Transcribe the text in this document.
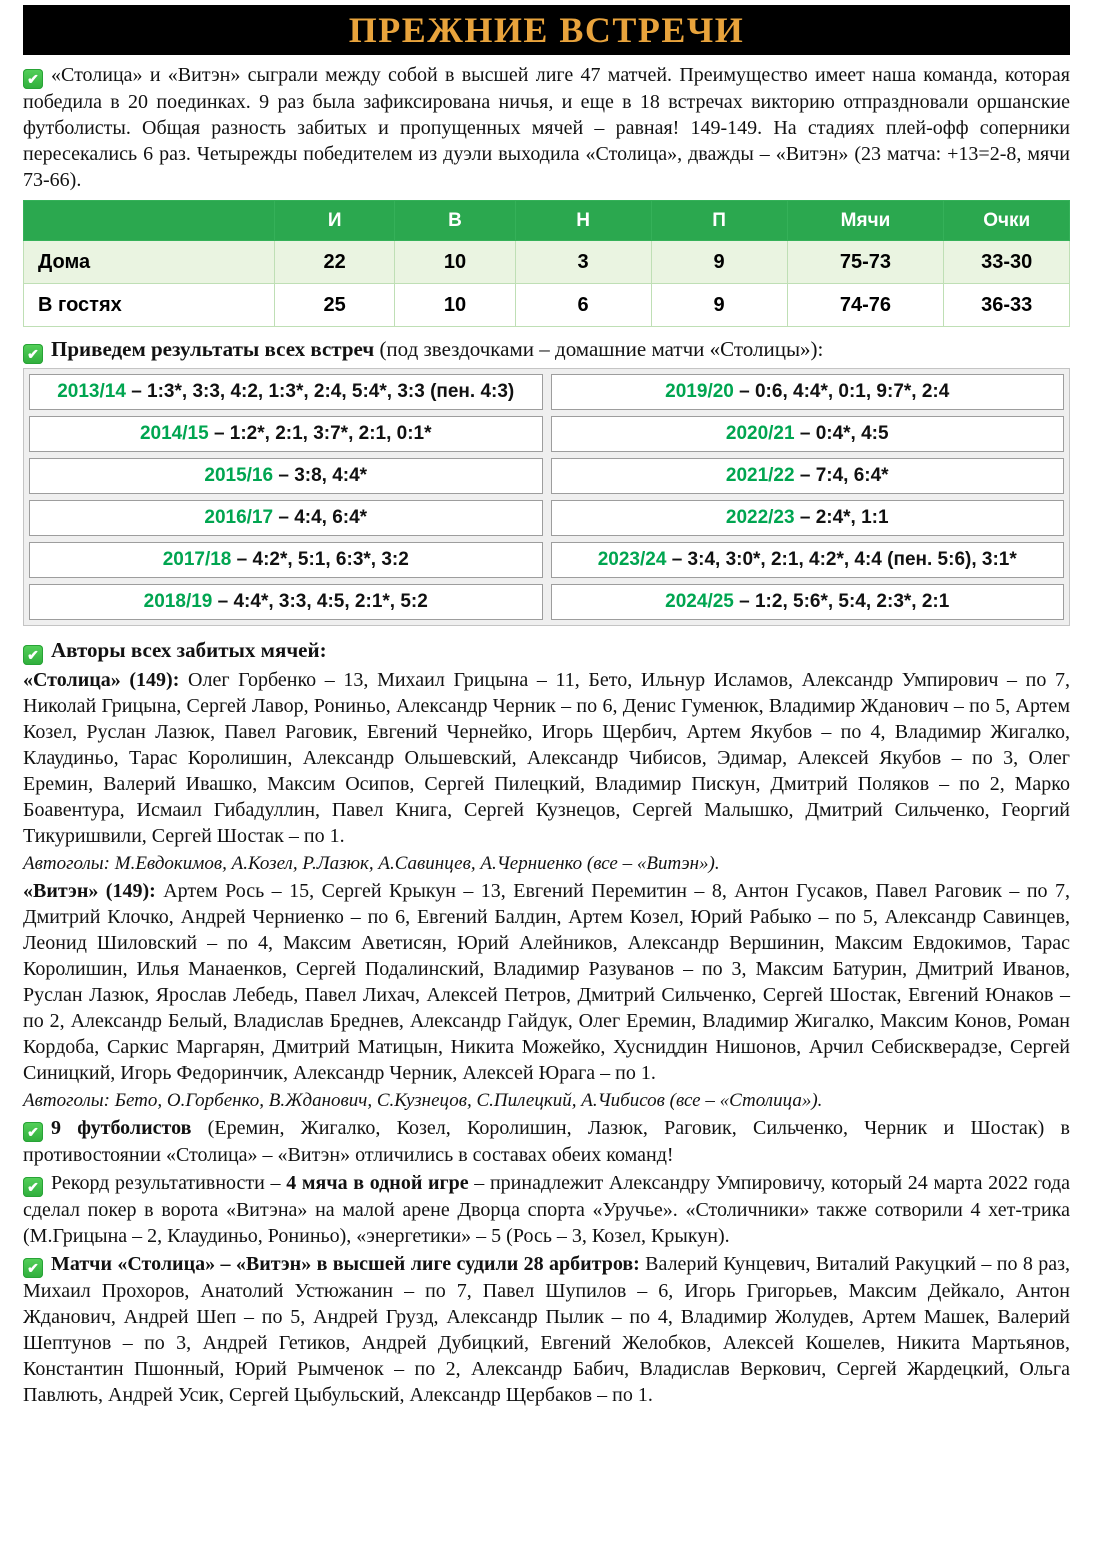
ПРЕЖНИЕ ВСТРЕЧИ

✔ «Столица» и «Витэн» сыграли между собой в высшей лиге 47 матчей. Преимущество имеет наша команда, которая победила в 20 поединках. 9 раз была зафиксирована ничья, и еще в 18 встречах викторию отпраздновали оршанские футболисты. Общая разность забитых и пропущенных мячей – равная! 149-149. На стадиях плей-офф соперники пересекались 6 раз. Четырежды победителем из дуэли выходила «Столица», дважды – «Витэн» (23 матча: +13=2-8, мячи 73-66).

	И	В	Н	П	Мячи	Очки
Дома	22	10	3	9	75-73	33-30
В гостях	25	10	6	9	74-76	36-33

✔ Приведем результаты всех встреч (под звездочками – домашние матчи «Столицы»):

2013/14 – 1:3*, 3:3, 4:2, 1:3*, 2:4, 5:4*, 3:3 (пен. 4:3)	2019/20 – 0:6, 4:4*, 0:1, 9:7*, 2:4
2014/15 – 1:2*, 2:1, 3:7*, 2:1, 0:1*	2020/21 – 0:4*, 4:5
2015/16 – 3:8, 4:4*	2021/22 – 7:4, 6:4*
2016/17 – 4:4, 6:4*	2022/23 – 2:4*, 1:1
2017/18 – 4:2*, 5:1, 6:3*, 3:2	2023/24 – 3:4, 3:0*, 2:1, 4:2*, 4:4 (пен. 5:6), 3:1*
2018/19 – 4:4*, 3:3, 4:5, 2:1*, 5:2	2024/25 – 1:2, 5:6*, 5:4, 2:3*, 2:1

✔ Авторы всех забитых мячей:

«Столица» (149): Олег Горбенко – 13, Михаил Грицына – 11, Бето, Ильнур Исламов, Александр Умпирович – по 7, Николай Грицына, Сергей Лавор, Рониньо, Александр Черник – по 6, Денис Гуменюк, Владимир Жданович – по 5, Артем Козел, Руслан Лазюк, Павел Раговик, Евгений Чернейко, Игорь Щербич, Артем Якубов – по 4, Владимир Жигалко, Клаудиньо, Тарас Королишин, Александр Ольшевский, Александр Чибисов, Эдимар, Алексей Якубов – по 3, Олег Еремин, Валерий Ивашко, Максим Осипов, Сергей Пилецкий, Владимир Пискун, Дмитрий Поляков – по 2, Марко Боавентура, Исмаил Гибадуллин, Павел Книга, Сергей Кузнецов, Сергей Малышко, Дмитрий Сильченко, Георгий Тикуришвили, Сергей Шостак – по 1.

Автоголы: М.Евдокимов, А.Козел, Р.Лазюк, А.Савинцев, А.Черниенко (все – «Витэн»).

«Витэн» (149): Артем Рось – 15, Сергей Крыкун – 13, Евгений Перемитин – 8, Антон Гусаков, Павел Раговик – по 7, Дмитрий Клочко, Андрей Черниенко – по 6, Евгений Балдин, Артем Козел, Юрий Рабыко – по 5, Александр Савинцев, Леонид Шиловский – по 4, Максим Аветисян, Юрий Алейников, Александр Вершинин, Максим Евдокимов, Тарас Королишин, Илья Манаенков, Сергей Подалинский, Владимир Разуванов – по 3, Максим Батурин, Дмитрий Иванов, Руслан Лазюк, Ярослав Лебедь, Павел Лихач, Алексей Петров, Дмитрий Сильченко, Сергей Шостак, Евгений Юнаков – по 2, Александр Белый, Владислав Бреднев, Александр Гайдук, Олег Еремин, Владимир Жигалко, Максим Конов, Роман Кордоба, Саркис Маргарян, Дмитрий Матицын, Никита Можейко, Хусниддин Нишонов, Арчил Себискверадзе, Сергей Синицкий, Игорь Федоринчик, Александр Черник, Алексей Юрага – по 1.

Автоголы: Бето, О.Горбенко, В.Жданович, С.Кузнецов, С.Пилецкий, А.Чибисов (все – «Столица»).

✔ 9 футболистов (Еремин, Жигалко, Козел, Королишин, Лазюк, Раговик, Сильченко, Черник и Шостак) в противостоянии «Столица» – «Витэн» отличились в составах обеих команд!

✔ Рекорд результативности – 4 мяча в одной игре – принадлежит Александру Умпировичу, который 24 марта 2022 года сделал покер в ворота «Витэна» на малой арене Дворца спорта «Уручье». «Столичники» также сотворили 4 хет-трика (М.Грицына – 2, Клаудиньо, Рониньо), «энергетики» – 5 (Рось – 3, Козел, Крыкун).

✔ Матчи «Столица» – «Витэн» в высшей лиге судили 28 арбитров: Валерий Кунцевич, Виталий Ракуцкий – по 8 раз, Михаил Прохоров, Анатолий Устюжанин – по 7, Павел Шупилов – 6, Игорь Григорьев, Максим Дейкало, Антон Жданович, Андрей Шеп – по 5, Андрей Грузд, Александр Пылик – по 4, Владимир Жолудев, Артем Машек, Валерий Шептунов – по 3, Андрей Гетиков, Андрей Дубицкий, Евгений Желобков, Алексей Кошелев, Никита Мартьянов, Константин Пшонный, Юрий Рымченок – по 2, Александр Бабич, Владислав Веркович, Сергей Жардецкий, Ольга Павлють, Андрей Усик, Сергей Цыбульский, Александр Щербаков – по 1.
